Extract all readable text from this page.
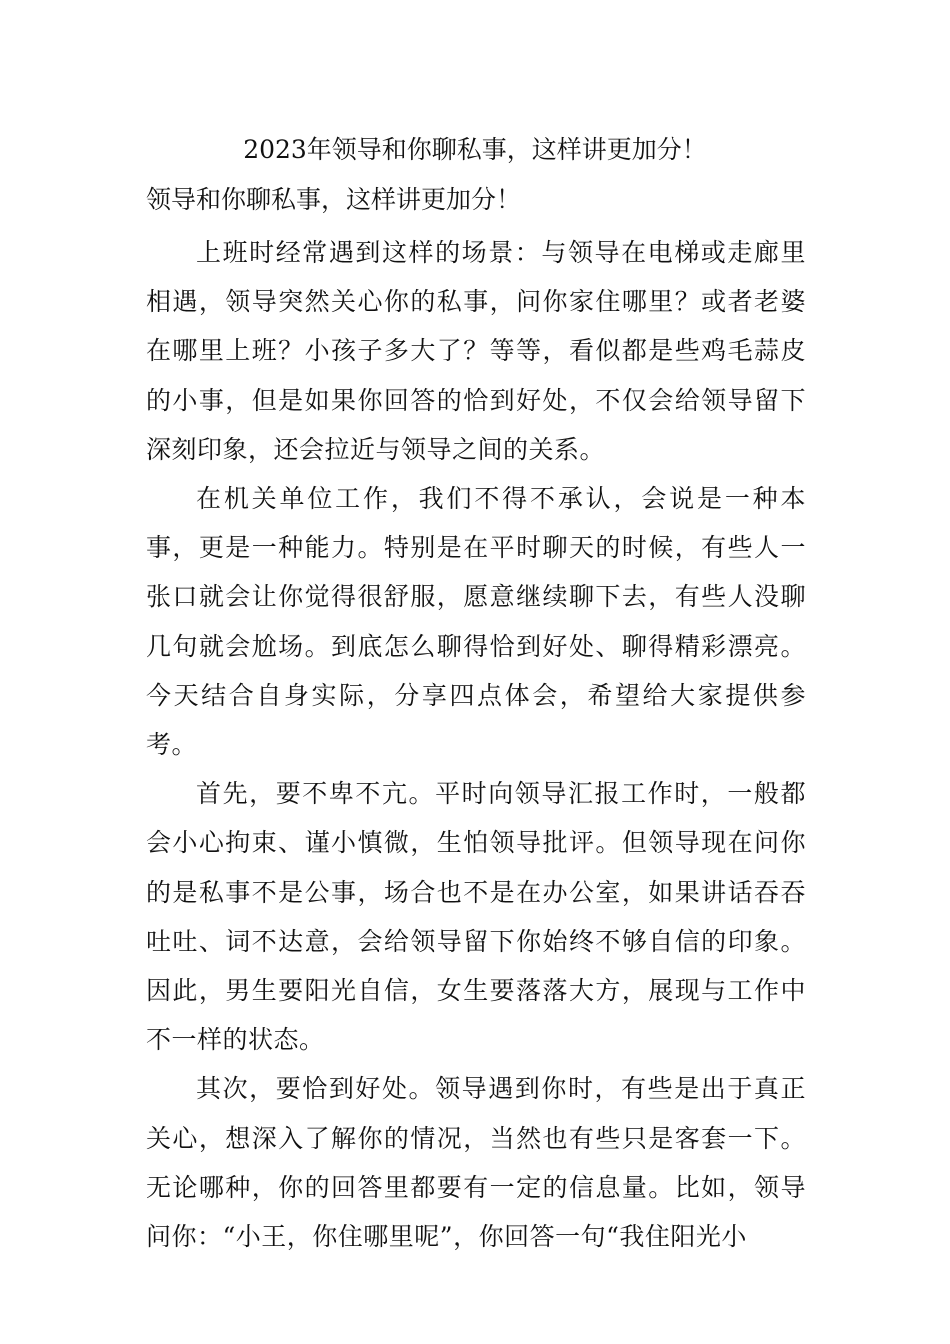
2023年领导和你聊私事，这样讲更加分！
领导和你聊私事，这样讲更加分！

上班时经常遇到这样的场景：与领导在电梯或走廊里相遇，领导突然关心你的私事，问你家住哪里？或者老婆在哪里上班？小孩子多大了？等等，看似都是些鸡毛蒜皮的小事，但是如果你回答的恰到好处，不仅会给领导留下深刻印象，还会拉近与领导之间的关系。

在机关单位工作，我们不得不承认，会说是一种本事，更是一种能力。特别是在平时聊天的时候，有些人一张口就会让你觉得很舒服，愿意继续聊下去，有些人没聊几句就会尬场。到底怎么聊得恰到好处、聊得精彩漂亮。今天结合自身实际，分享四点体会，希望给大家提供参考。

首先，要不卑不亢。平时向领导汇报工作时，一般都会小心拘束、谨小慎微，生怕领导批评。但领导现在问你的是私事不是公事，场合也不是在办公室，如果讲话吞吞吐吐、词不达意，会给领导留下你始终不够自信的印象。因此，男生要阳光自信，女生要落落大方，展现与工作中不一样的状态。

其次，要恰到好处。领导遇到你时，有些是出于真正关心，想深入了解你的情况，当然也有些只是客套一下。无论哪种，你的回答里都要有一定的信息量。比如，领导问你：“小王，你住哪里呢”，你回答一句“我住阳光小
